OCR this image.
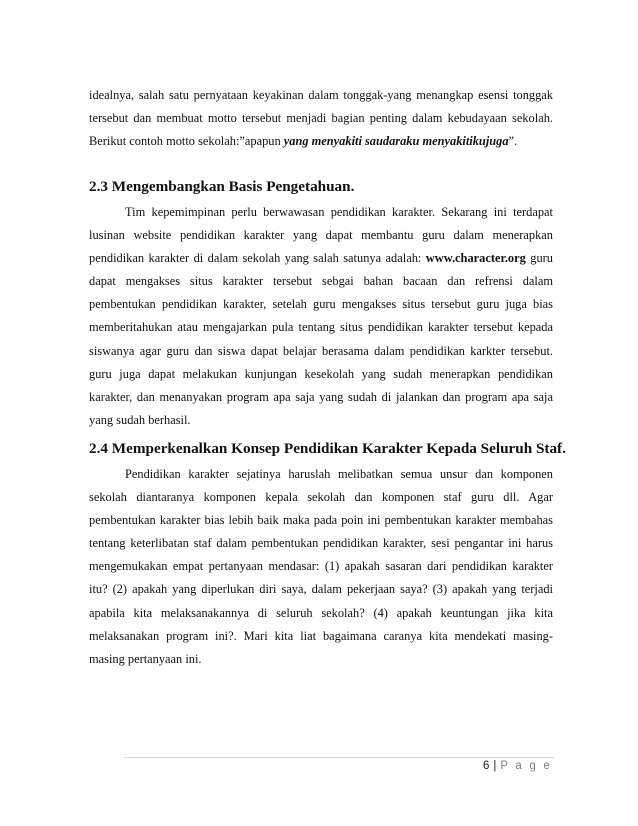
idealnya, salah satu pernyataan keyakinan dalam tonggak-yang menangkap esensi tonggak

tersebut dan membuat motto tersebut menjadi bagian penting dalam kebudayaan sekolah.

Berikut contoh motto sekolah:”apapun yang menyakiti saudaraku menyakitikujuga”.

2.3 Mengembangkan Basis Pengetahuan.

Tim kepemimpinan perlu berwawasan pendidikan karakter. Sekarang ini terdapat

lusinan website pendidikan karakter yang dapat membantu guru dalam menerapkan

pendidikan karakter di dalam sekolah yang salah satunya adalah: www.character.org guru

dapat mengakses situs karakter tersebut sebgai bahan bacaan dan refrensi dalam

pembentukan pendidikan karakter, setelah guru mengakses situs tersebut guru juga bias

memberitahukan atau mengajarkan pula tentang situs pendidikan karakter tersebut kepada

siswanya agar guru dan siswa dapat belajar berasama dalam pendidikan karkter tersebut.

guru juga dapat melakukan kunjungan kesekolah yang sudah menerapkan pendidikan

karakter, dan menanyakan program apa saja yang sudah di jalankan dan program apa saja

yang sudah berhasil.

2.4 Memperkenalkan Konsep Pendidikan Karakter Kepada Seluruh Staf.

Pendidikan karakter sejatinya haruslah melibatkan semua unsur dan komponen

sekolah diantaranya komponen kepala sekolah dan komponen staf guru dll. Agar

pembentukan karakter bias lebih baik maka pada poin ini pembentukan karakter membahas

tentang keterlibatan staf dalam pembentukan pendidikan karakter, sesi pengantar ini harus

mengemukakan empat pertanyaan mendasar: (1) apakah sasaran dari pendidikan karakter

itu? (2) apakah yang diperlukan diri saya, dalam pekerjaan saya? (3) apakah yang terjadi

apabila kita melaksanakannya di seluruh sekolah? (4) apakah keuntungan jika kita

melaksanakan program ini?. Mari kita liat bagaimana caranya kita mendekati masing-

masing pertanyaan ini.

6 | P a g e
